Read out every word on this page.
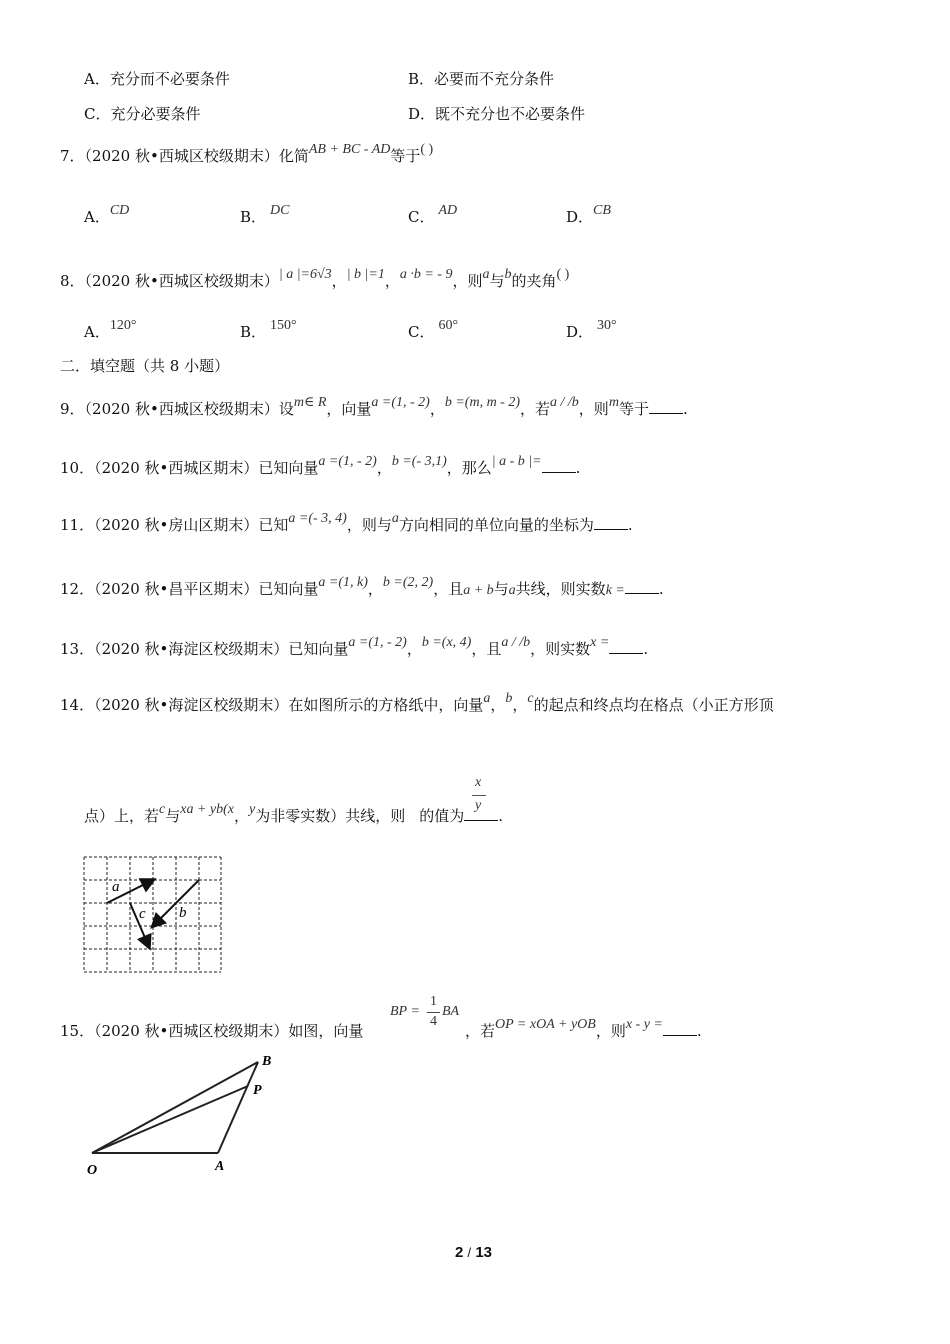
A．充分而不必要条件	B．必要而不充分条件
C．充分必要条件	D．既不充分也不必要条件
7．（2020 秋•西城区校级期末）化简AB + BC - AD等于( )
A．CD	B． DC	C． AD	D．CB
8．（2020 秋•西城区校级期末）| a |=6√3，| b |=1，a ·b = - 9，则a与b的夹角( )
A．120°	B． 150°	C． 60°	D． 30°
二．填空题（共 8 小题）
9．（2020 秋•西城区校级期末）设m∈ R，向量a =(1, - 2)，b =(m, m - 2)，若a / /b，则m等于 .
10．（2020 秋•西城区期末）已知向量a =(1, - 2)，b =(- 3,1)，那么| a - b |= .
11．（2020 秋•房山区期末）已知a =(- 3, 4)，则与a方向相同的单位向量的坐标为 .
12．（2020 秋•昌平区期末）已知向量a =(1, k)，b =(2, 2)，且a + b与a共线，则实数k = .
13．（2020 秋•海淀区校级期末）已知向量a =(1, - 2)，b =(x, 4)，且a / /b，则实数x = .
14．（2020 秋•海淀区校级期末）在如图所示的方格纸中，向量a，b，c的起点和终点均在格点（小正方形顶
点）上，若c与xa + yb(x，y为非零实数）共线，则 的值为 .
x
y
a
b
c
15．（2020 秋•西城区校级期末）如图，向量
BP =
1
4
BA
，若OP = xOA + yOB，则x - y = .
O	A
B
P
2 / 13
